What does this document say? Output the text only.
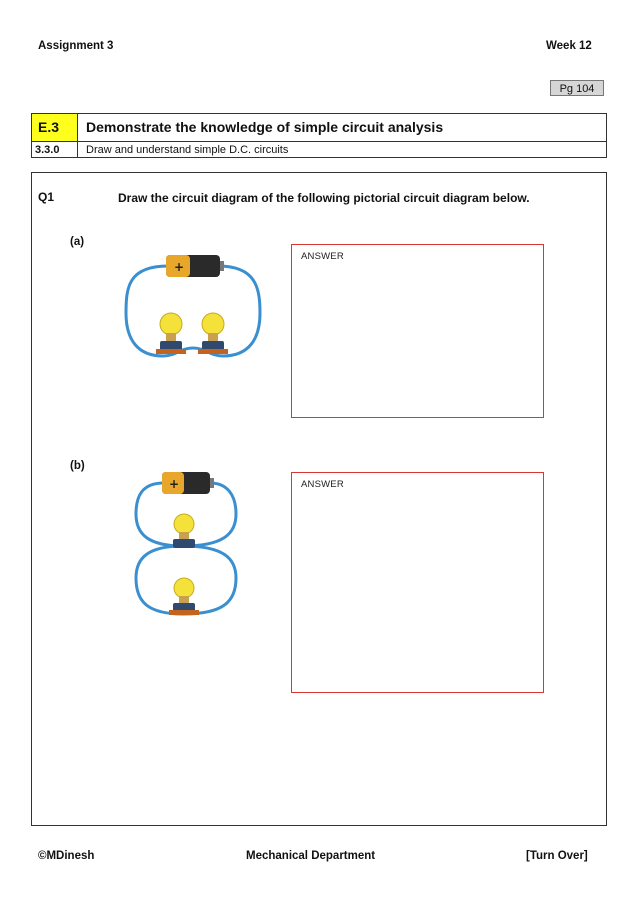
Assignment 3	Week 12
Pg 104
E.3	Demonstrate the knowledge of simple circuit analysis
3.3.0 Draw and understand simple D.C. circuits
Q1	Draw the circuit diagram of the following pictorial circuit diagram below.
(a)
+
ANSWER
(b)
+	ANSWER
©MDinesh	Mechanical Department	[Turn Over]
